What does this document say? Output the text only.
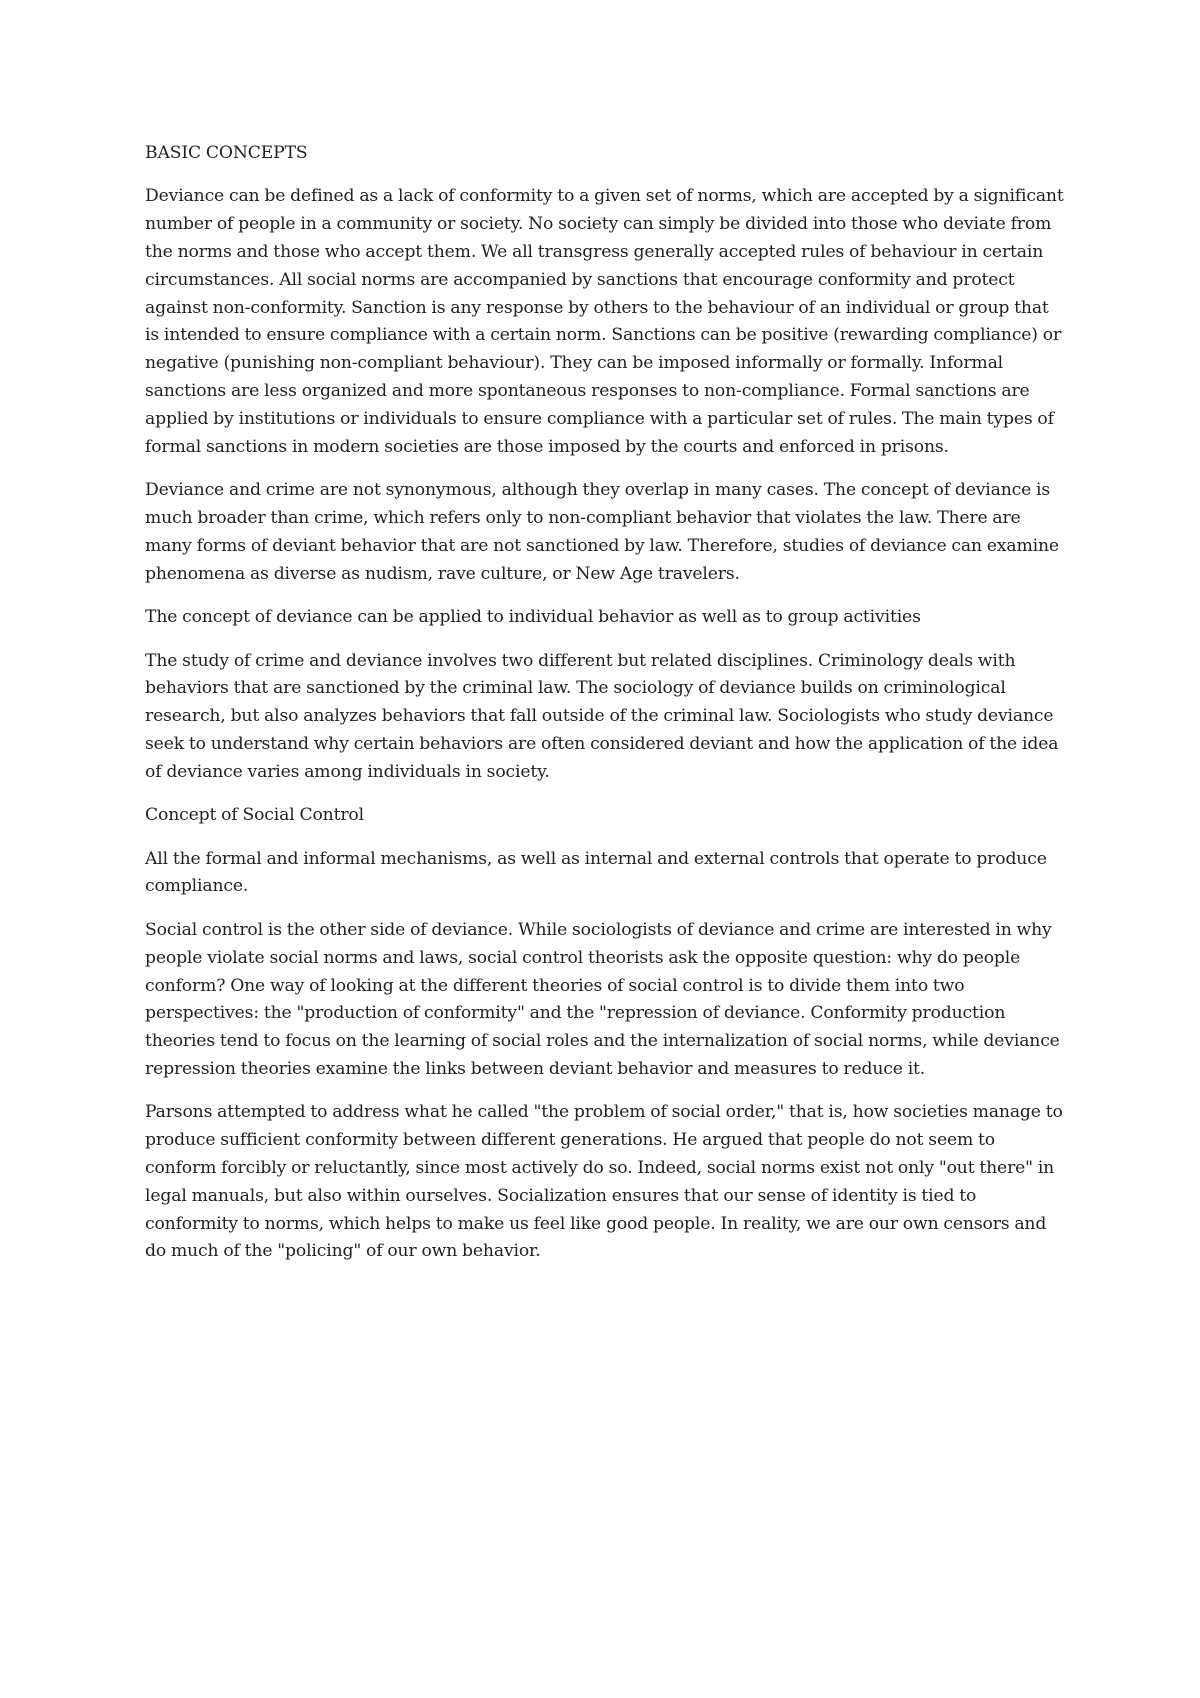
BASIC CONCEPTS

Deviance can be defined as a lack of conformity to a given set of norms, which are accepted by a significant number of people in a community or society. No society can simply be divided into those who deviate from the norms and those who accept them. We all transgress generally accepted rules of behaviour in certain circumstances. All social norms are accompanied by sanctions that encourage conformity and protect against non-conformity. Sanction is any response by others to the behaviour of an individual or group that is intended to ensure compliance with a certain norm. Sanctions can be positive (rewarding compliance) or negative (punishing non-compliant behaviour). They can be imposed informally or formally. Informal sanctions are less organized and more spontaneous responses to non-compliance. Formal sanctions are applied by institutions or individuals to ensure compliance with a particular set of rules. The main types of formal sanctions in modern societies are those imposed by the courts and enforced in prisons.

Deviance and crime are not synonymous, although they overlap in many cases. The concept of deviance is much broader than crime, which refers only to non-compliant behavior that violates the law. There are many forms of deviant behavior that are not sanctioned by law. Therefore, studies of deviance can examine phenomena as diverse as nudism, rave culture, or New Age travelers.

The concept of deviance can be applied to individual behavior as well as to group activities

The study of crime and deviance involves two different but related disciplines. Criminology deals with behaviors that are sanctioned by the criminal law. The sociology of deviance builds on criminological research, but also analyzes behaviors that fall outside of the criminal law. Sociologists who study deviance seek to understand why certain behaviors are often considered deviant and how the application of the idea of deviance varies among individuals in society.

Concept of Social Control

All the formal and informal mechanisms, as well as internal and external controls that operate to produce compliance.

Social control is the other side of deviance. While sociologists of deviance and crime are interested in why people violate social norms and laws, social control theorists ask the opposite question: why do people conform? One way of looking at the different theories of social control is to divide them into two perspectives: the "production of conformity" and the "repression of deviance. Conformity production theories tend to focus on the learning of social roles and the internalization of social norms, while deviance repression theories examine the links between deviant behavior and measures to reduce it.

Parsons attempted to address what he called "the problem of social order," that is, how societies manage to produce sufficient conformity between different generations. He argued that people do not seem to conform forcibly or reluctantly, since most actively do so. Indeed, social norms exist not only "out there" in legal manuals, but also within ourselves. Socialization ensures that our sense of identity is tied to conformity to norms, which helps to make us feel like good people. In reality, we are our own censors and do much of the "policing" of our own behavior.
